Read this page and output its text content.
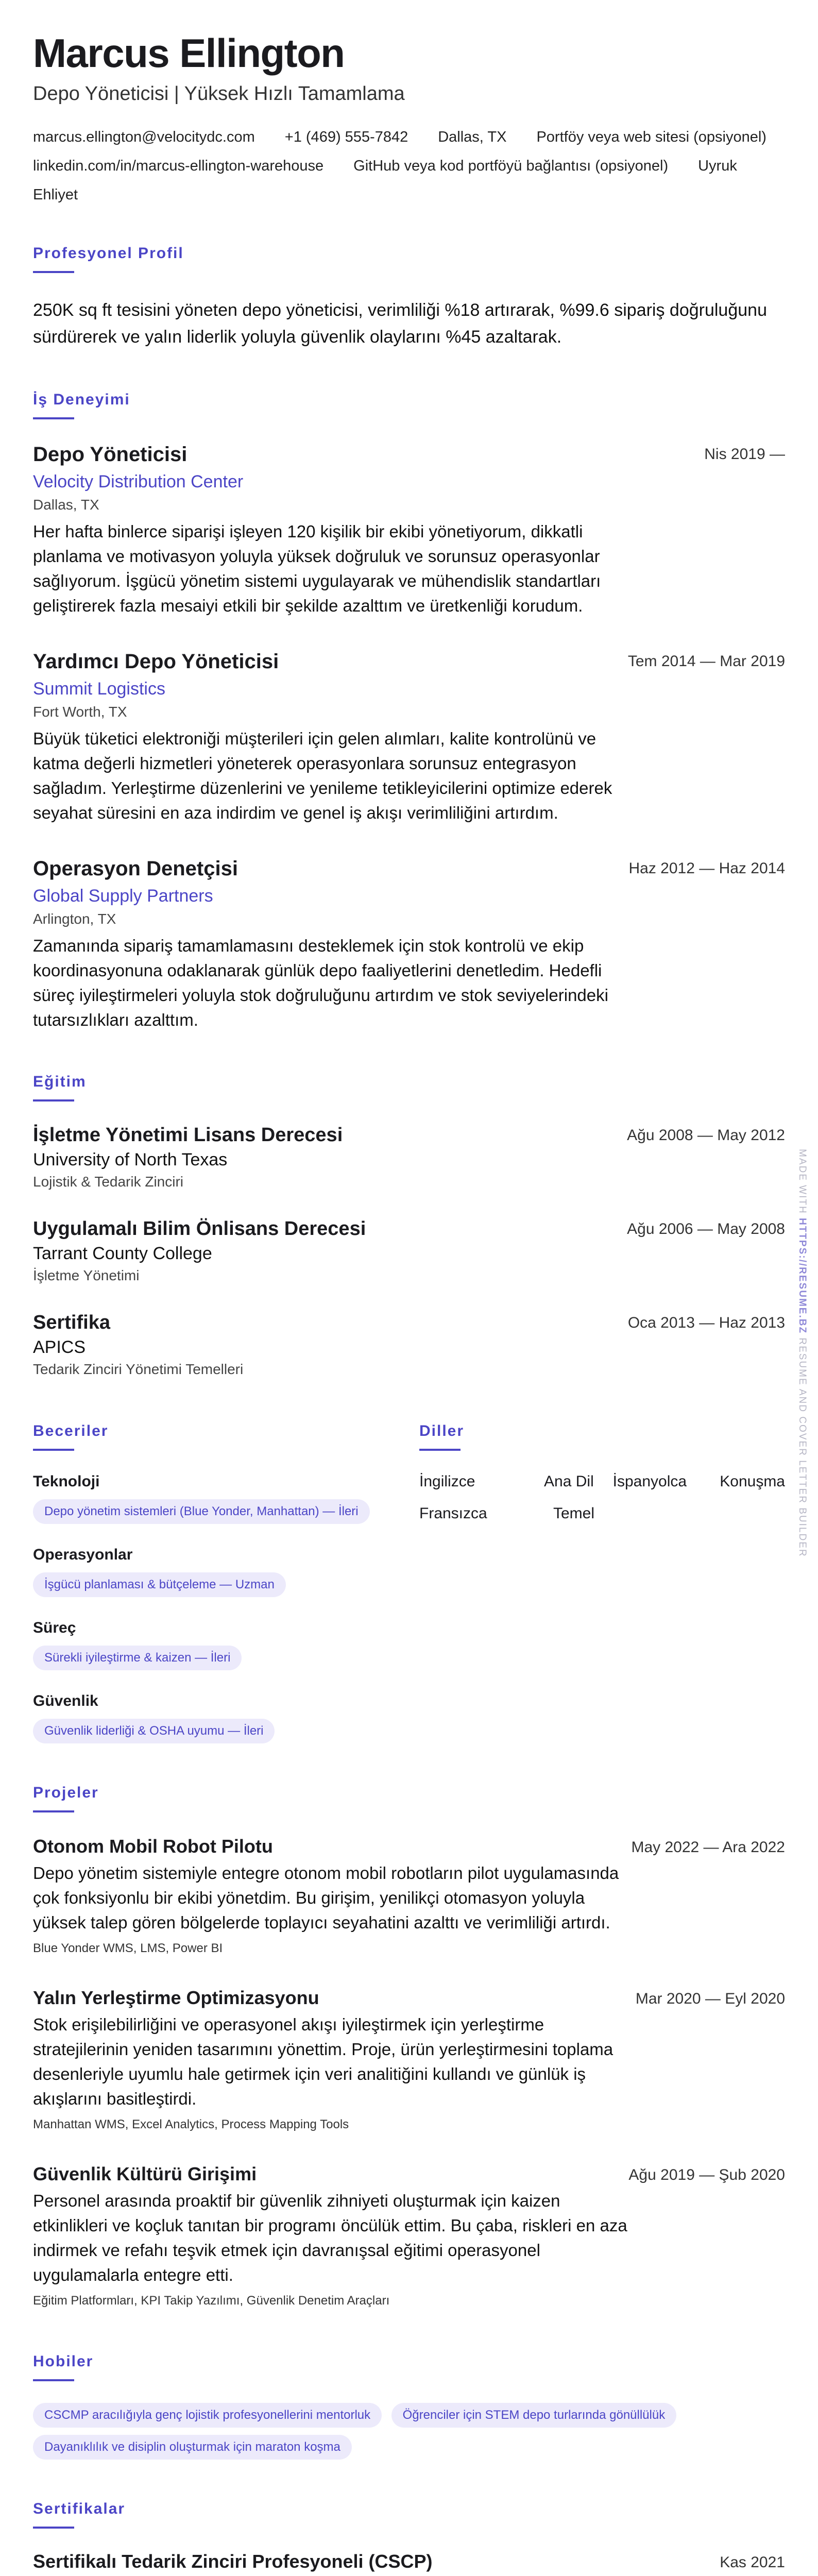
Marcus Ellington
Depo Yöneticisi | Yüksek Hızlı Tamamlama
marcus.ellington@velocitydc.com +1 (469) 555-7842 Dallas, TX Portföy veya web sitesi (opsiyonel)
linkedin.com/in/marcus-ellington-warehouse GitHub veya kod portföyü bağlantısı (opsiyonel) Uyruk
Ehliyet
Profesyonel Profil
250K sq ft tesisini yöneten depo yöneticisi, verimliliği %18 artırarak, %99.6 sipariş doğruluğunu sürdürerek ve yalın liderlik yoluyla güvenlik olaylarını %45 azaltarak.
İş Deneyimi
Depo Yöneticisi	Nis 2019 —
Velocity Distribution Center
Dallas, TX
Her hafta binlerce siparişi işleyen 120 kişilik bir ekibi yönetiyorum, dikkatli planlama ve motivasyon yoluyla yüksek doğruluk ve sorunsuz operasyonlar sağlıyorum. İşgücü yönetim sistemi uygulayarak ve mühendislik standartları geliştirerek fazla mesaiyi etkili bir şekilde azalttım ve üretkenliği korudum.
Yardımcı Depo Yöneticisi	Tem 2014 — Mar 2019
Summit Logistics
Fort Worth, TX
Büyük tüketici elektroniği müşterileri için gelen alımları, kalite kontrolünü ve katma değerli hizmetleri yöneterek operasyonlara sorunsuz entegrasyon sağladım. Yerleştirme düzenlerini ve yenileme tetikleyicilerini optimize ederek seyahat süresini en aza indirdim ve genel iş akışı verimliliğini artırdım.
Operasyon Denetçisi	Haz 2012 — Haz 2014
Global Supply Partners
Arlington, TX
Zamanında sipariş tamamlamasını desteklemek için stok kontrolü ve ekip koordinasyonuna odaklanarak günlük depo faaliyetlerini denetledim. Hedefli süreç iyileştirmeleri yoluyla stok doğruluğunu artırdım ve stok seviyelerindeki tutarsızlıkları azalttım.
Eğitim
İşletme Yönetimi Lisans Derecesi	Ağu 2008 — May 2012
University of North Texas
Lojistik & Tedarik Zinciri
Uygulamalı Bilim Önlisans Derecesi	Ağu 2006 — May 2008
Tarrant County College
İşletme Yönetimi
Sertifika	Oca 2013 — Haz 2013
APICS
Tedarik Zinciri Yönetimi Temelleri
Beceriler
Teknoloji
Depo yönetim sistemleri (Blue Yonder, Manhattan) — İleri
Operasyonlar
İşgücü planlaması & bütçeleme — Uzman
Süreç
Sürekli iyileştirme & kaizen — İleri
Güvenlik
Güvenlik liderliği & OSHA uyumu — İleri
Diller
İngilizce	Ana Dil	İspanyolca	Konuşma
Fransızca	Temel
Projeler
Otonom Mobil Robot Pilotu	May 2022 — Ara 2022
Depo yönetim sistemiyle entegre otonom mobil robotların pilot uygulamasında çok fonksiyonlu bir ekibi yönetdim. Bu girişim, yenilikçi otomasyon yoluyla yüksek talep gören bölgelerde toplayıcı seyahatini azalttı ve verimliliği artırdı.
Blue Yonder WMS, LMS, Power BI
Yalın Yerleştirme Optimizasyonu	Mar 2020 — Eyl 2020
Stok erişilebilirliğini ve operasyonel akışı iyileştirmek için yerleştirme stratejilerinin yeniden tasarımını yönettim. Proje, ürün yerleştirmesini toplama desenleriyle uyumlu hale getirmek için veri analitiğini kullandı ve günlük iş akışlarını basitleştirdi.
Manhattan WMS, Excel Analytics, Process Mapping Tools
Güvenlik Kültürü Girişimi	Ağu 2019 — Şub 2020
Personel arasında proaktif bir güvenlik zihniyeti oluşturmak için kaizen etkinlikleri ve koçluk tanıtan bir programı öncülük ettim. Bu çaba, riskleri en aza indirmek ve refahı teşvik etmek için davranışsal eğitimi operasyonel uygulamalarla entegre etti.
Eğitim Platformları, KPI Takip Yazılımı, Güvenlik Denetim Araçları
Hobiler
CSCMP aracılığıyla genç lojistik profesyonellerini mentorluk	Öğrenciler için STEM depo turlarında gönüllülük Dayanıklılık ve disiplin oluşturmak için maraton koşma
Sertifikalar
Sertifikalı Tedarik Zinciri Profesyoneli (CSCP)	Kas 2021
MADE WITH HTTPS://RESUME.BZ RESUME AND COVER LETTER BUILDER
